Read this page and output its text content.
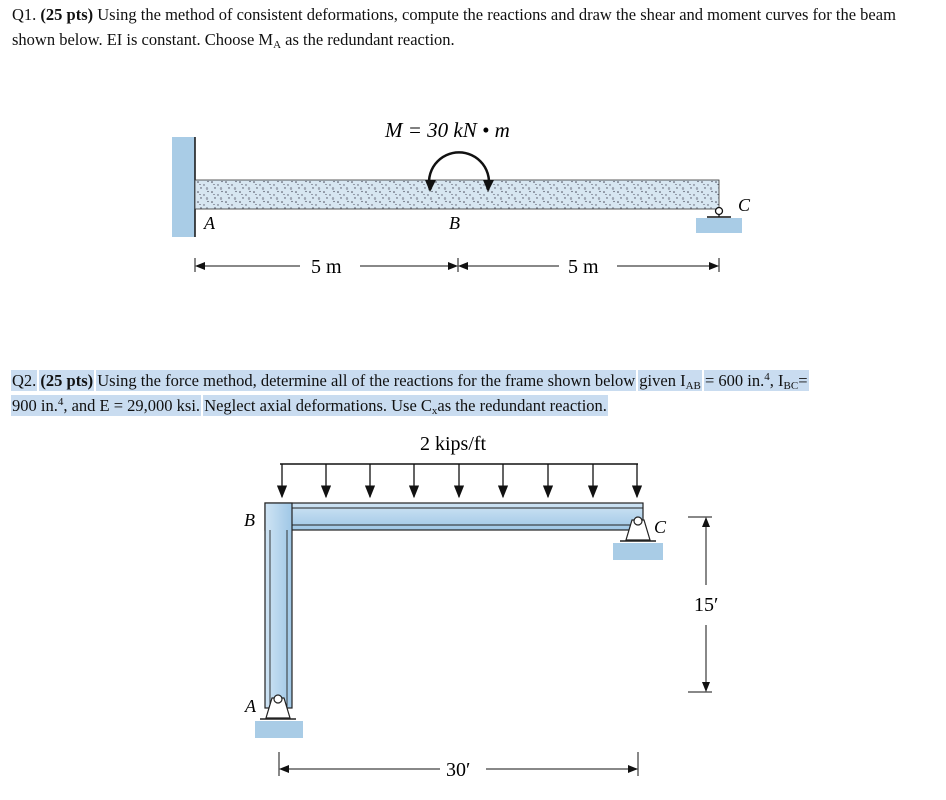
Q1. (25 pts) Using the method of consistent deformations, compute the reactions and draw the shear and moment curves for the beam shown below. EI is constant. Choose $M_A$ as the redundant reaction.
M = 30 kN • m
A	B
C
5 m	5 m
Q2. (25 pts) Using the force method, determine all of the reactions for the frame shown below given $I_{AB} = 600$ in.$^4$, $I_{BC}=$
900 in.$^4$, and E = 29,000 ksi. Neglect axial deformations. Use $C_xas$ the redundant reaction.
2 kips/ft
B	C
A
15′
30′
